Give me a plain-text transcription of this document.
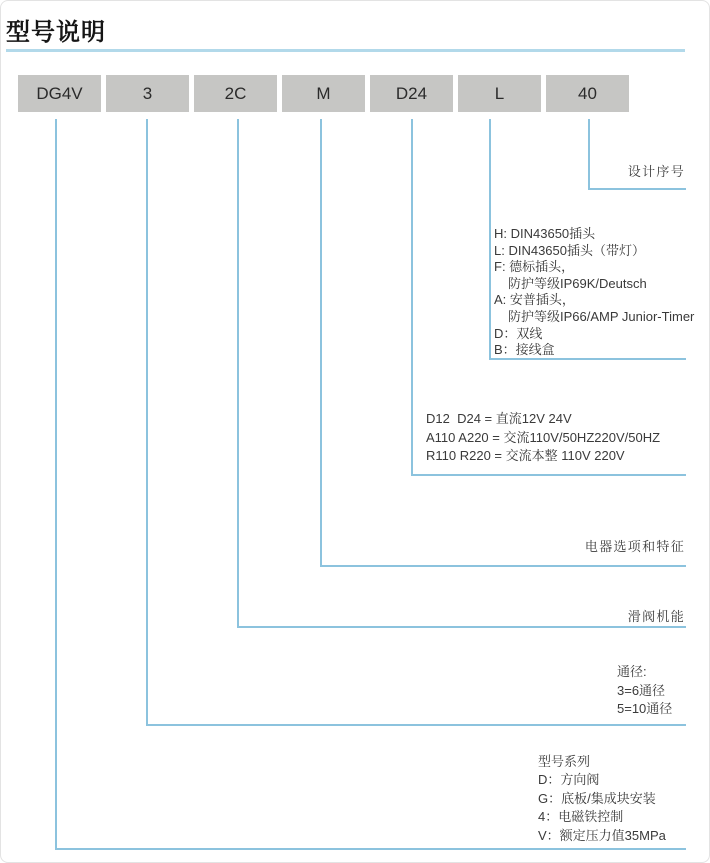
型号说明
DG4V	3	2C	M	D24	L	40
设计序号
H: DIN43650插头
L: DIN43650插头（带灯）
F: 德标插头，
防护等级IP69K/Deutsch
A: 安普插头，
防护等级IP66/AMP Junior-Timer
D：双线
B：接线盒
D12  D24 = 直流12V 24V
A110 A220 = 交流110V/50HZ220V/50HZ
R110 R220 = 交流本整 110V 220V
电器选项和特征
滑阀机能
通径:
3=6通径
5=10通径
型号系列
D：方向阀
G：底板/集成块安装
4：电磁铁控制
V：额定压力值35MPa
